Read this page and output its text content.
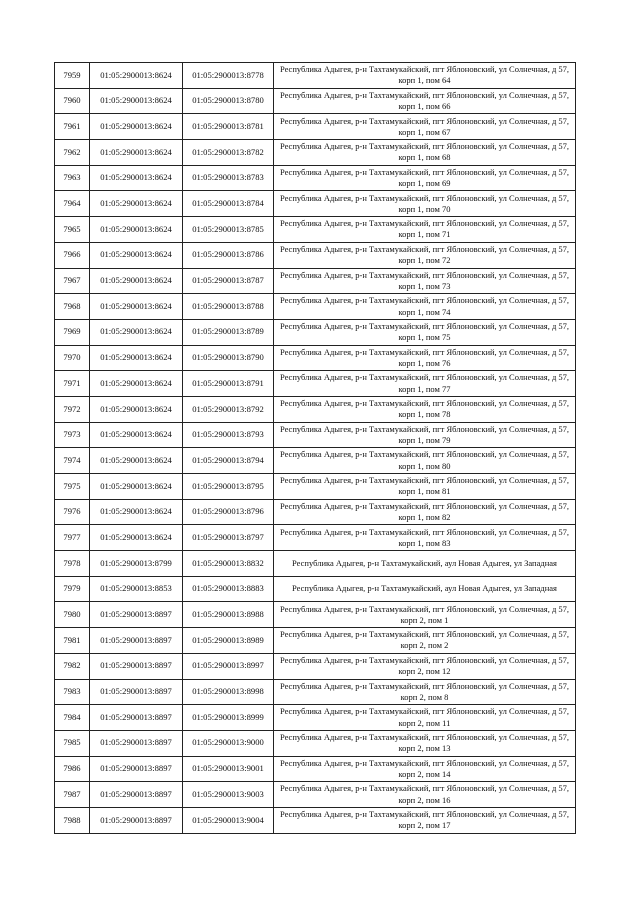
7959	01:05:2900013:8624	01:05:2900013:8778	Республика Адыгея, р-н Тахтамукайский, пгт Яблоновский, ул Солнечная, д 57, корп 1, пом 64
7960	01:05:2900013:8624	01:05:2900013:8780	Республика Адыгея, р-н Тахтамукайский, пгт Яблоновский, ул Солнечная, д 57, корп 1, пом 66
7961	01:05:2900013:8624	01:05:2900013:8781	Республика Адыгея, р-н Тахтамукайский, пгт Яблоновский, ул Солнечная, д 57, корп 1, пом 67
7962	01:05:2900013:8624	01:05:2900013:8782	Республика Адыгея, р-н Тахтамукайский, пгт Яблоновский, ул Солнечная, д 57, корп 1, пом 68
7963	01:05:2900013:8624	01:05:2900013:8783	Республика Адыгея, р-н Тахтамукайский, пгт Яблоновский, ул Солнечная, д 57, корп 1, пом 69
7964	01:05:2900013:8624	01:05:2900013:8784	Республика Адыгея, р-н Тахтамукайский, пгт Яблоновский, ул Солнечная, д 57, корп 1, пом 70
7965	01:05:2900013:8624	01:05:2900013:8785	Республика Адыгея, р-н Тахтамукайский, пгт Яблоновский, ул Солнечная, д 57, корп 1, пом 71
7966	01:05:2900013:8624	01:05:2900013:8786	Республика Адыгея, р-н Тахтамукайский, пгт Яблоновский, ул Солнечная, д 57, корп 1, пом 72
7967	01:05:2900013:8624	01:05:2900013:8787	Республика Адыгея, р-н Тахтамукайский, пгт Яблоновский, ул Солнечная, д 57, корп 1, пом 73
7968	01:05:2900013:8624	01:05:2900013:8788	Республика Адыгея, р-н Тахтамукайский, пгт Яблоновский, ул Солнечная, д 57, корп 1, пом 74
7969	01:05:2900013:8624	01:05:2900013:8789	Республика Адыгея, р-н Тахтамукайский, пгт Яблоновский, ул Солнечная, д 57, корп 1, пом 75
7970	01:05:2900013:8624	01:05:2900013:8790	Республика Адыгея, р-н Тахтамукайский, пгт Яблоновский, ул Солнечная, д 57, корп 1, пом 76
7971	01:05:2900013:8624	01:05:2900013:8791	Республика Адыгея, р-н Тахтамукайский, пгт Яблоновский, ул Солнечная, д 57, корп 1, пом 77
7972	01:05:2900013:8624	01:05:2900013:8792	Республика Адыгея, р-н Тахтамукайский, пгт Яблоновский, ул Солнечная, д 57, корп 1, пом 78
7973	01:05:2900013:8624	01:05:2900013:8793	Республика Адыгея, р-н Тахтамукайский, пгт Яблоновский, ул Солнечная, д 57, корп 1, пом 79
7974	01:05:2900013:8624	01:05:2900013:8794	Республика Адыгея, р-н Тахтамукайский, пгт Яблоновский, ул Солнечная, д 57, корп 1, пом 80
7975	01:05:2900013:8624	01:05:2900013:8795	Республика Адыгея, р-н Тахтамукайский, пгт Яблоновский, ул Солнечная, д 57, корп 1, пом 81
7976	01:05:2900013:8624	01:05:2900013:8796	Республика Адыгея, р-н Тахтамукайский, пгт Яблоновский, ул Солнечная, д 57, корп 1, пом 82
7977	01:05:2900013:8624	01:05:2900013:8797	Республика Адыгея, р-н Тахтамукайский, пгт Яблоновский, ул Солнечная, д 57, корп 1, пом 83
7978	01:05:2900013:8799	01:05:2900013:8832	Республика Адыгея, р-н Тахтамукайский, аул Новая Адыгея, ул Западная
7979	01:05:2900013:8853	01:05:2900013:8883	Республика Адыгея, р-н Тахтамукайский, аул Новая Адыгея, ул Западная
7980	01:05:2900013:8897	01:05:2900013:8988	Республика Адыгея, р-н Тахтамукайский, пгт Яблоновский, ул Солнечная, д 57, корп 2, пом 1
7981	01:05:2900013:8897	01:05:2900013:8989	Республика Адыгея, р-н Тахтамукайский, пгт Яблоновский, ул Солнечная, д 57, корп 2, пом 2
7982	01:05:2900013:8897	01:05:2900013:8997	Республика Адыгея, р-н Тахтамукайский, пгт Яблоновский, ул Солнечная, д 57, корп 2, пом 12
7983	01:05:2900013:8897	01:05:2900013:8998	Республика Адыгея, р-н Тахтамукайский, пгт Яблоновский, ул Солнечная, д 57, корп 2, пом 8
7984	01:05:2900013:8897	01:05:2900013:8999	Республика Адыгея, р-н Тахтамукайский, пгт Яблоновский, ул Солнечная, д 57, корп 2, пом 11
7985	01:05:2900013:8897	01:05:2900013:9000	Республика Адыгея, р-н Тахтамукайский, пгт Яблоновский, ул Солнечная, д 57, корп 2, пом 13
7986	01:05:2900013:8897	01:05:2900013:9001	Республика Адыгея, р-н Тахтамукайский, пгт Яблоновский, ул Солнечная, д 57, корп 2, пом 14
7987	01:05:2900013:8897	01:05:2900013:9003	Республика Адыгея, р-н Тахтамукайский, пгт Яблоновский, ул Солнечная, д 57, корп 2, пом 16
7988	01:05:2900013:8897	01:05:2900013:9004	Республика Адыгея, р-н Тахтамукайский, пгт Яблоновский, ул Солнечная, д 57, корп 2, пом 17
